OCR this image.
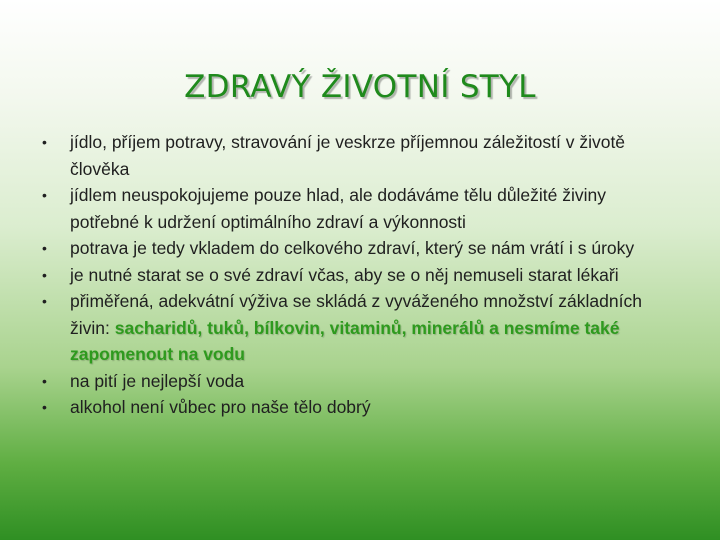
ZDRAVÝ ŽIVOTNÍ STYL
• jídlo, příjem potravy, stravování je veskrze příjemnou záležitostí v životě člověka
• jídlem neuspokojujeme pouze hlad, ale dodáváme tělu důležité živiny potřebné k udržení optimálního zdraví a výkonnosti
• potrava je tedy vkladem do celkového zdraví, který se nám vrátí i s úroky
• je nutné starat se o své zdraví včas, aby se o něj nemuseli starat lékaři
• přiměřená, adekvátní výživa se skládá z vyváženého množství základních živin: sacharidů, tuků, bílkovin, vitaminů, minerálů a nesmíme také zapomenout na vodu
• na pití je nejlepší voda
• alkohol není vůbec pro naše tělo dobrý
